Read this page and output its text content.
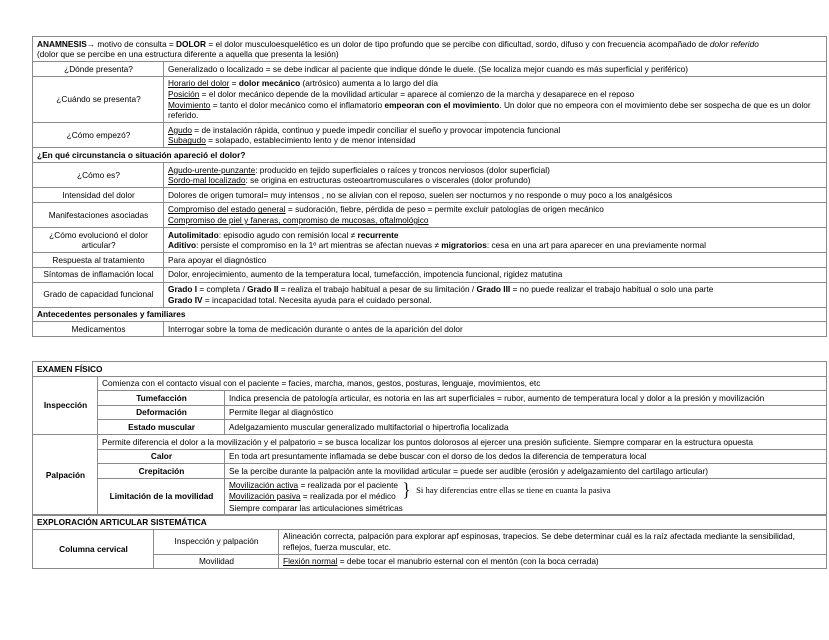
ANAMNESIS→ motivo de consulta = DOLOR = el dolor musculoesquelético es un dolor de tipo profundo que se percibe con dificultad, sordo, difuso y con frecuencia acompañado de dolor referido
(dolor que se percibe en una estructura diferente a aquella que presenta la lesión)	

¿Dónde presenta?	Generalizado o localizado = se debe indicar al paciente que indique dónde le duele. (Se localiza mejor cuando es más superficial y periférico)
¿Cuándo se presenta?	Horario del dolor = dolor mecánico (artrósico) aumenta a lo largo del día
Posición = el dolor mecánico depende de la movilidad articular = aparece al comienzo de la marcha y desaparece en el reposo
Movimiento = tanto el dolor mecánico como el inflamatorio empeoran con el movimiento. Un dolor que no empeora con el movimiento debe ser sospecha de que es un dolor referido.

¿Cómo empezó?	Agudo = de instalación rápida, continuo y puede impedir conciliar el sueño y provocar impotencia funcional
Subagudo = solapado, establecimiento lento y de menor intensidad

¿En qué circunstancia o situación apareció el dolor?	
¿Cómo es?	Agudo-urente-punzante: producido en tejido superficiales o raíces y troncos nerviosos (dolor superficial)
Sordo-mal localizado: se origina en estructuras osteoartromusculares o viscerales (dolor profundo)

Intensidad del dolor	Dolores de origen tumoral= muy intensos , no se alivian con el reposo, suelen ser nocturnos y no responde o muy poco a los analgésicos
Manifestaciones asociadas	Compromiso del estado general = sudoración, fiebre, pérdida de peso = permite excluir patologías de origen mecánico
Compromiso de piel y faneras, compromiso de mucosas, oftalmológico

¿Cómo evolucionó el dolor articular?	Autolimitado: episodio agudo con remisión local ≠ recurrente
Aditivo: persiste el compromiso en la 1º art mientras se afectan nuevas ≠ migratorios: cesa en una art para aparecer en una previamente normal

Respuesta al tratamiento	Para apoyar el diagnóstico
Síntomas de inflamación local	Dolor, enrojecimiento, aumento de la temperatura local, tumefacción, impotencia funcional, rigidez matutina
Grado de capacidad funcional	Grado I = completa / Grado II = realiza el trabajo habitual a pesar de su limitación / Grado III = no puede realizar el trabajo habitual o solo una parte
Grado IV = incapacidad total. Necesita ayuda para el cuidado personal.

Antecedentes personales y familiares	
Medicamentos	Interrogar sobre la toma de medicación durante o antes de la aparición del dolor
EXAMEN FÍSICO		
Inspección	Comienza con el contacto visual con el paciente = facies, marcha, manos, gestos, posturas, lenguaje, movimientos, etc	
	Tumefacción	Indica presencia de patología articular, es notoria en las art superficiales = rubor, aumento de temperatura local y dolor a la presión y movilización
	Deformación	Permite llegar al diagnóstico
	Estado muscular	Adelgazamiento muscular generalizado multifactorial o hipertrofia localizada
Palpación	Permite diferencia el dolor a la movilización y el palpatorio = se busca localizar los puntos dolorosos al ejercer una presión suficiente. Siempre comparar en la estructura opuesta	
	Calor	En toda art presuntamente inflamada se debe buscar con el dorso de los dedos la diferencia de temperatura local
	Crepitación	Se la percibe durante la palpación ante la movilidad articular = puede ser audible (erosión y adelgazamiento del cartílago articular)
	Limitación de la movilidad	Movilización activa = realizada por el paciente
Movilización pasiva = realizada por el médico } Si hay diferencias entre ellas se tiene en cuanta la pasiva
Siempre comparar las articulaciones simétricas
EXPLORACIÓN ARTICULAR SISTEMÁTICA		
Columna cervical	Inspección y palpación	Alineación correcta, palpación para explorar apf espinosas, trapecios. Se debe determinar cuál es la raíz afectada mediante la sensibilidad, reflejos, fuerza muscular, etc.
	Movilidad	Flexión normal = debe tocar el manubrio esternal con el mentón (con la boca cerrada)
